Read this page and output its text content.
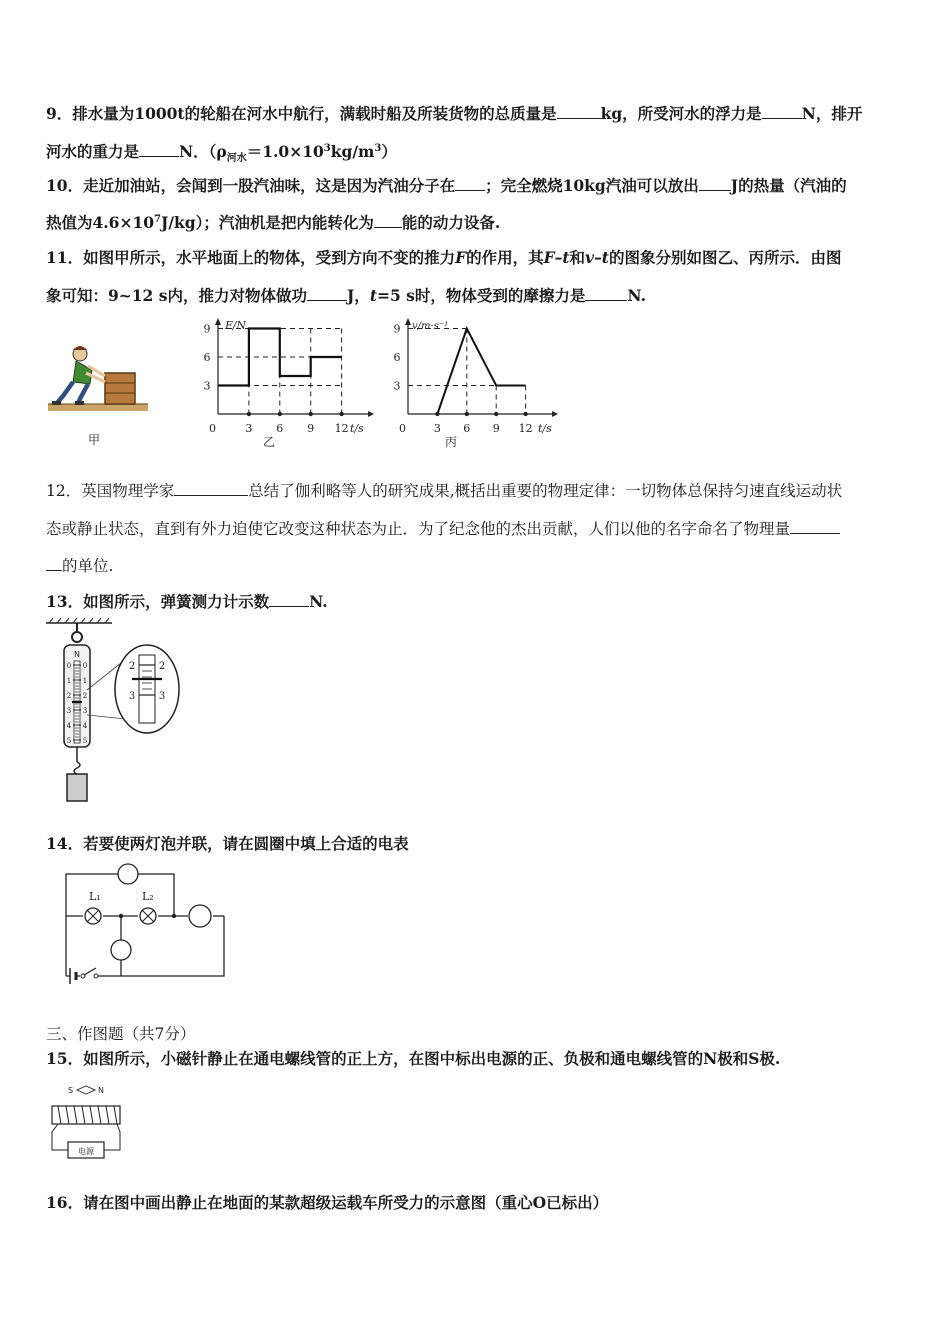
9．排水量为1000t的轮船在河水中航行，满载时船及所装货物的总质量是	kg，所受河水的浮力是	N，排开
河水的重力是	N．$(\rho_{河水}=1.0\times 10^3kg/m^3)$
10．走近加油站，会闻到一股汽油味，这是因为汽油分子在 ；完全燃烧10kg汽油可以放出 J的热量（汽油的
热值为$4.6\times 10^7J/kg$）；汽油机是把内能转化为 能的动力设备.
11．如图甲所示，水平地面上的物体，受到方向不变的推力F的作用，其F–t和v–t的图象分别如图乙、丙所示．由图
象可知：9~12 s内，推力对物体做功	J，t=5 s时，物体受到的摩擦力是	N.
甲
F/N
t/s
0	3 6 9 12
3
6
9
乙
v/m·s⁻¹
t/s
0	3 6 9 12
3
6
9
丙
12．英国物理学家	总结了伽利略等人的研究成果,概括出重要的物理定律：一切物体总保持匀速直线运动状
态或静止状态，直到有外力迫使它改变这种状态为止．为了纪念他的杰出贡献，人们以他的名字命名了物理量
的单位.
13．如图所示，弹簧测力计示数	N.
N
0 0
1 1
2 2
3 3
4 4
5 5
2 2
3 3
14．若要使两灯泡并联，请在圆圈中填上合适的电表
L₁	L₂
三、作图题（共7分）
15．如图所示，小磁针静止在通电螺线管的正上方，在图中标出电源的正、负极和通电螺线管的N极和S极.
S	N
电源
16．请在图中画出静止在地面的某款超级运载车所受力的示意图（重心O已标出）
